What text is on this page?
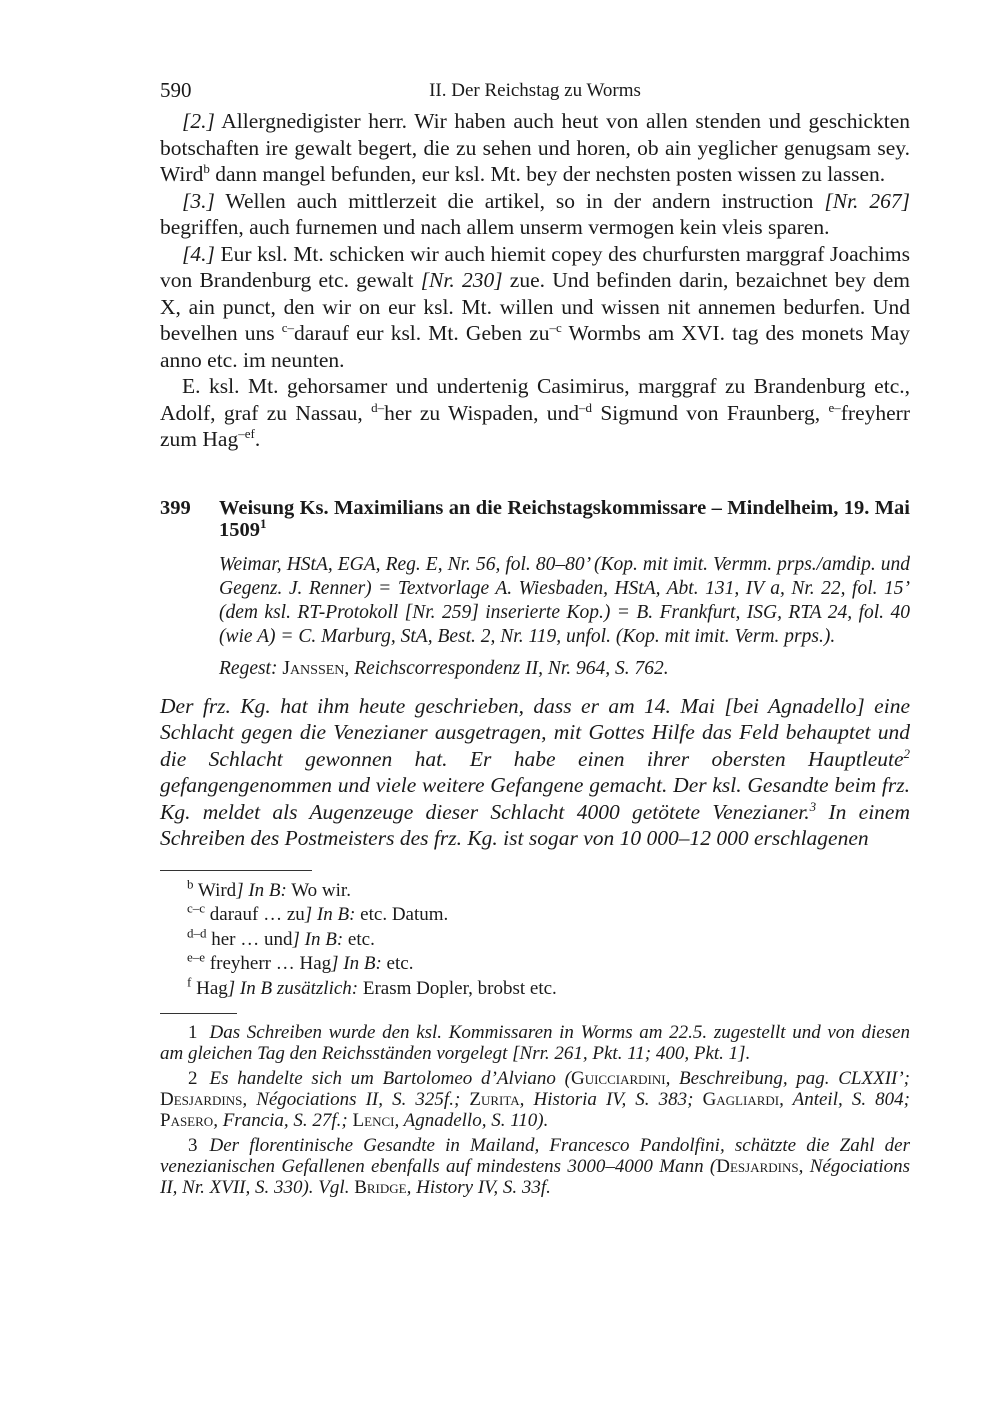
590	II. Der Reichstag zu Worms

[2.] Allergnedigister herr. Wir haben auch heut von allen stenden und geschickten botschaften ire gewalt begert, die zu sehen und horen, ob ain yeglicher genugsam sey. Wird$^b$ dann mangel befunden, eur ksl. Mt. bey der nechsten posten wissen zu lassen.

[3.] Wellen auch mittlerzeit die artikel, so in der andern instruction [Nr. 267] begriffen, auch furnemen und nach allem unserm vermogen kein vleis sparen.

[4.] Eur ksl. Mt. schicken wir auch hiemit copey des churfursten marggraf Joachims von Brandenburg etc. gewalt [Nr. 230] zue. Und befinden darin, bezaichnet bey dem X, ain punct, den wir on eur ksl. Mt. willen und wissen nit annemen bedurfen. Und bevelhen uns $^{c-}$darauf eur ksl. Mt. Geben $zu^{-c}$ Wormbs am XVI. tag des monets May anno etc. im neunten.

E. ksl. Mt. gehorsamer und undertenig Casimirus, marggraf zu Brandenburg etc., Adolf, graf zu Nassau, $^{d-}$her zu Wispaden, und$^{-d}$ Sigmund von Fraunberg, $^{e-}$freyherr zum Hag$^{-ef}$.

399 Weisung Ks. Maximilians an die Reichstagskommissare – Mindelheim, 19. Mai 1509$^1$
Weimar, HStA, EGA, Reg. E, Nr. 56, fol. 80–80’ (Kop. mit imit. Vermm. prps./amdip. und Gegenz. J. Renner) = Textvorlage A. Wiesbaden, HStA, Abt. 131, IV a, Nr. 22, fol. 15’ (dem ksl. RT-Protokoll [Nr. 259] inserierte Kop.) = B. Frankfurt, ISG, RTA 24, fol. 40 (wie A) = C. Marburg, StA, Best. 2, Nr. 119, unfol. (Kop. mit imit. Verm. prps.).
Regest: Janssen, Reichscorrespondenz II, Nr. 964, S. 762.
Der frz. Kg. hat ihm heute geschrieben, dass er am 14. Mai [bei Agnadello] eine Schlacht gegen die Venezianer ausgetragen, mit Gottes Hilfe das Feld behauptet und die Schlacht gewonnen hat. Er habe einen ihrer obersten Hauptleute$^2$ gefangengenommen und viele weitere Gefangene gemacht. Der ksl. Gesandte beim frz. Kg. meldet als Augenzeuge dieser Schlacht 4000 getötete Venezianer.$^3$ In einem Schreiben des Postmeisters des frz. Kg. ist sogar von 10 000–12 000 erschlagenen
$^b$ Wird] In B: Wo wir.
$^{c-c}$ darauf … zu] In B: etc. Datum.
$^{d-d}$ her … und] In B: etc.
$^{e-e}$ freyherr … Hag] In B: etc.
$^f$ Hag] In B zusätzlich: Erasm Dopler, brobst etc.
1 Das Schreiben wurde den ksl. Kommissaren in Worms am 22.5. zugestellt und von diesen am gleichen Tag den Reichsständen vorgelegt [Nrr. 261, Pkt. 11; 400, Pkt. 1].
2 Es handelte sich um Bartolomeo d’Alviano (Guicciardini, Beschreibung, pag. CLXXII’; Desjardins, Négociations II, S. 325f.; Zurita, Historia IV, S. 383; Gagliardi, Anteil, S. 804; Pasero, Francia, S. 27f.; Lenci, Agnadello, S. 110).
3 Der florentinische Gesandte in Mailand, Francesco Pandolfini, schätzte die Zahl der venezianischen Gefallenen ebenfalls auf mindestens 3000–4000 Mann (Desjardins, Négociations II, Nr. XVII, S. 330). Vgl. Bridge, History IV, S. 33f.
